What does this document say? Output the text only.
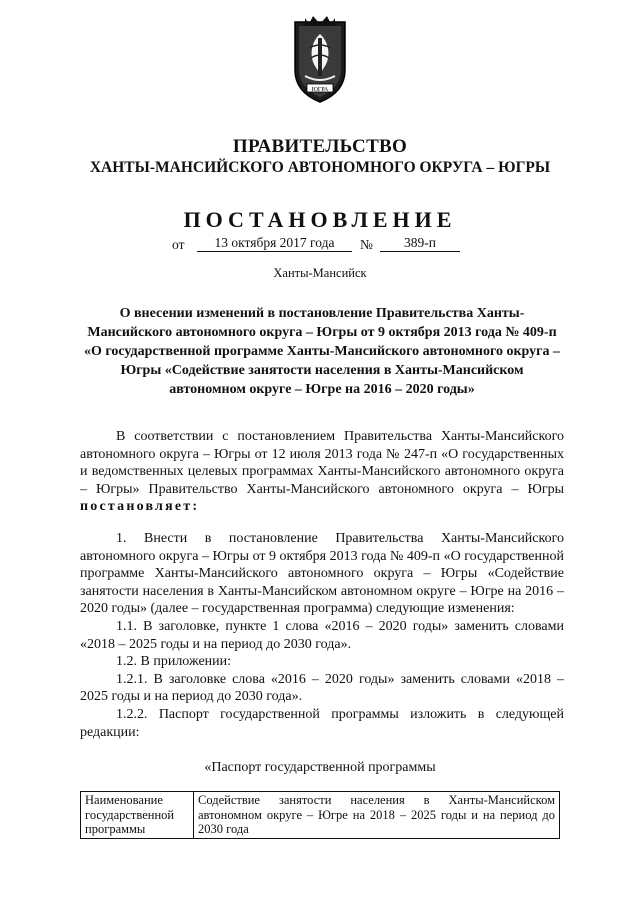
ЮГРА
ПРАВИТЕЛЬСТВО
ХАНТЫ-МАНСИЙСКОГО АВТОНОМНОГО ОКРУГА – ЮГРЫ
ПОСТАНОВЛЕНИЕ
от	13 октября 2017 года	№	389-п
Ханты-Мансийск
О внесении изменений в постановление Правительства Ханты-Мансийского автономного округа – Югры от 9 октября 2013 года № 409-п «О государственной программе Ханты-Мансийского автономного округа – Югры «Содействие занятости населения в Ханты-Мансийском автономном округе – Югре на 2016 – 2020 годы»

В соответствии с постановлением Правительства Ханты-Мансийского автономного округа – Югры от 12 июля 2013 года № 247-п «О государственных и ведомственных целевых программах Ханты-Мансийского автономного округа – Югры» Правительство Ханты-Мансийского автономного округа – Югры постановляет:

1. Внести в постановление Правительства Ханты-Мансийского автономного округа – Югры от 9 октября 2013 года № 409-п «О государственной программе Ханты-Мансийского автономного округа – Югры «Содействие занятости населения в Ханты-Мансийском автономном округе – Югре на 2016 – 2020 годы» (далее – государственная программа) следующие изменения:

1.1. В заголовке, пункте 1 слова «2016 – 2020 годы» заменить словами «2018 – 2025 годы и на период до 2030 года».

1.2. В приложении:

1.2.1. В заголовке слова «2016 – 2020 годы» заменить словами «2018 – 2025 годы и на период до 2030 года».

1.2.2. Паспорт государственной программы изложить в следующей редакции:

«Паспорт государственной программы
Наименование государственной программы	Содействие занятости населения в Ханты-Мансийском автономном округе – Югре на 2018 – 2025 годы и на период до 2030 года
